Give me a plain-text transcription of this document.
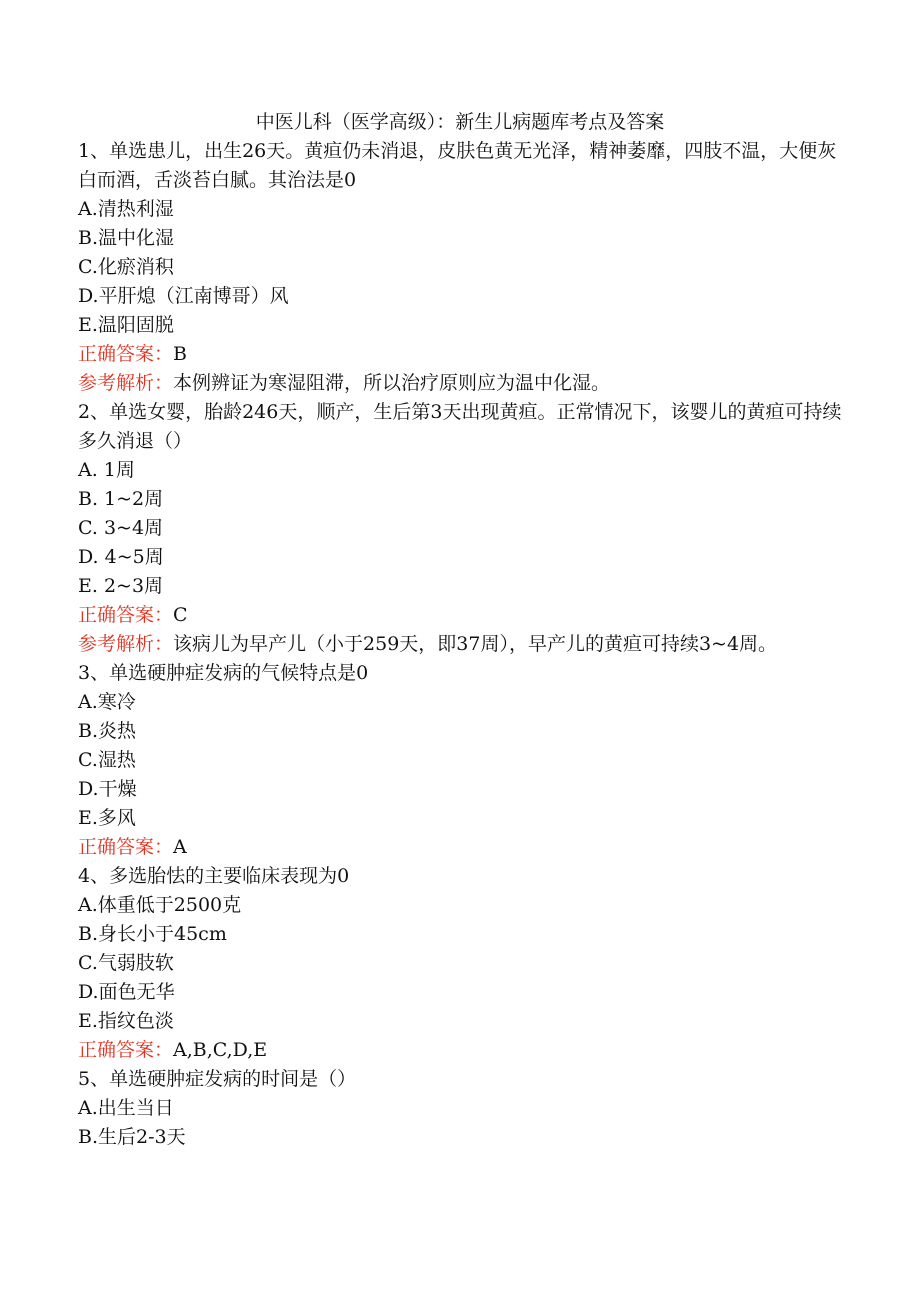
中医儿科（医学高级）：新生儿病题库考点及答案

1、单选患儿，出生26天。黄疸仍未消退，皮肤色黄无光泽，精神萎靡，四肢不温，大便灰白而酒，舌淡苔白腻。其治法是0

A.清热利湿

B.温中化湿

C.化瘀消积

D.平肝熄（江南博哥）风

E.温阳固脱

正确答案：B

参考解析：本例辨证为寒湿阻滞，所以治疗原则应为温中化湿。

2、单选女婴，胎龄246天，顺产，生后第3天出现黄疸。正常情况下，该婴儿的黄疸可持续多久消退（）

A. 1周

B. 1~2周

C. 3~4周

D. 4~5周

E. 2~3周

正确答案：C

参考解析：该病儿为早产儿（小于259天，即37周），早产儿的黄疸可持续3~4周。

3、单选硬肿症发病的气候特点是0

A.寒冷

B.炎热

C.湿热

D.干燥

E.多风

正确答案：A

4、多选胎怯的主要临床表现为0

A.体重低于2500克

B.身长小于45cm

C.气弱肢软

D.面色无华

E.指纹色淡

正确答案：A,B,C,D,E

5、单选硬肿症发病的时间是（）

A.出生当日

B.生后2-3天
